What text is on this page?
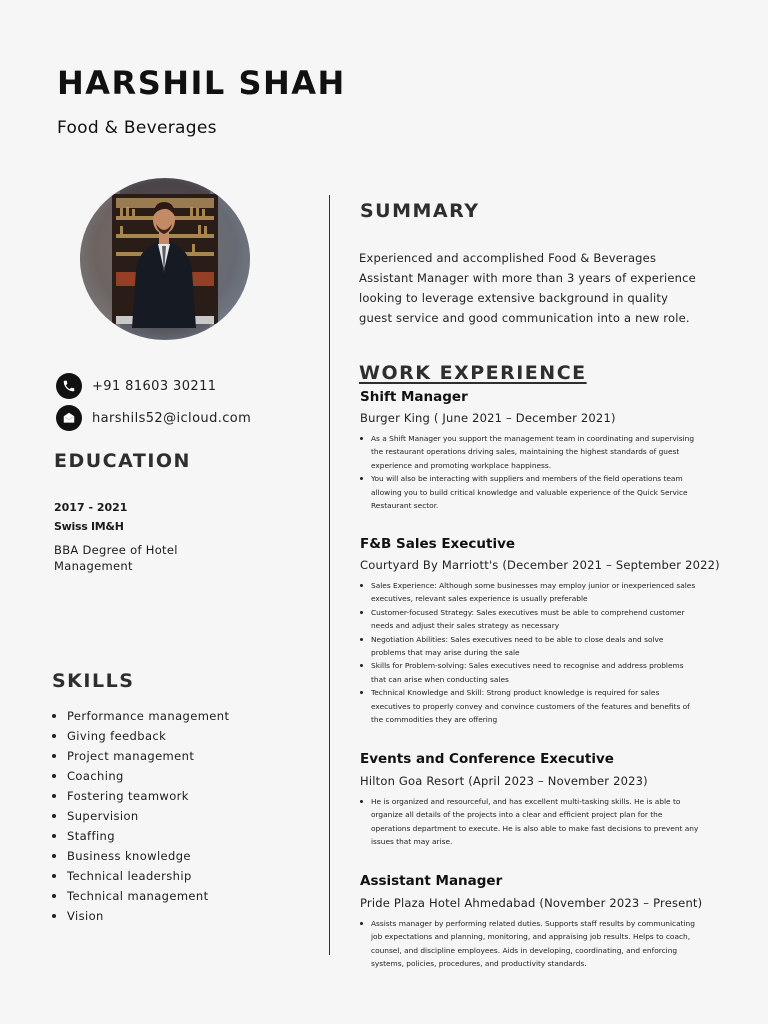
HARSHIL SHAH
Food & Beverages
+91 81603 30211
harshils52@icloud.com
EDUCATION
2017 - 2021
Swiss IM&H
BBA Degree of Hotel Management
SKILLS
Performance management
Giving feedback
Project management
Coaching
Fostering teamwork
Supervision
Staffing
Business knowledge
Technical leadership
Technical management
Vision
SUMMARY
Experienced and accomplished Food & Beverages Assistant Manager with more than 3 years of experience looking to leverage extensive background in quality guest service and good communication into a new role.
WORK EXPERIENCE
Shift Manager
Burger King ( June 2021 – December 2021)
As a Shift Manager you support the management team in coordinating and supervising the restaurant operations driving sales, maintaining the highest standards of guest experience and promoting workplace happiness.
You will also be interacting with suppliers and members of the field operations team allowing you to build critical knowledge and valuable experience of the Quick Service Restaurant sector.
F&B Sales Executive
Courtyard By Marriott's (December 2021 – September 2022)
Sales Experience: Although some businesses may employ junior or inexperienced sales executives, relevant sales experience is usually preferable
Customer-focused Strategy: Sales executives must be able to comprehend customer needs and adjust their sales strategy as necessary
Negotiation Abilities: Sales executives need to be able to close deals and solve problems that may arise during the sale
Skills for Problem-solving: Sales executives need to recognise and address problems that can arise when conducting sales
Technical Knowledge and Skill: Strong product knowledge is required for sales executives to properly convey and convince customers of the features and benefits of the commodities they are offering
Events and Conference Executive
Hilton Goa Resort (April 2023 – November 2023)
He is organized and resourceful, and has excellent multi-tasking skills. He is able to organize all details of the projects into a clear and efficient project plan for the operations department to execute. He is also able to make fast decisions to prevent any issues that may arise.
Assistant Manager
Pride Plaza Hotel Ahmedabad (November 2023 – Present)
Assists manager by performing related duties. Supports staff results by communicating job expectations and planning, monitoring, and appraising job results. Helps to coach, counsel, and discipline employees. Aids in developing, coordinating, and enforcing systems, policies, procedures, and productivity standards.
